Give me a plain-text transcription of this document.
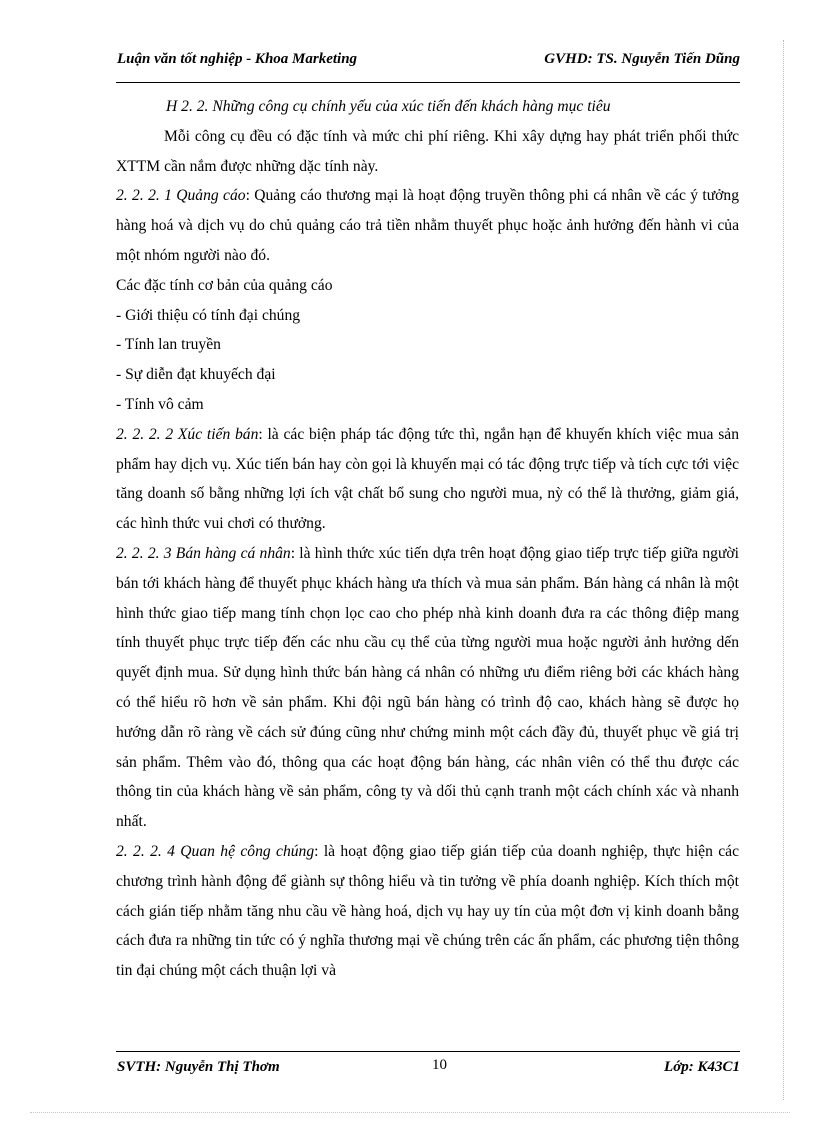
Luận văn tốt nghiệp - Khoa Marketing	GVHD: TS. Nguyễn Tiến Dũng

H 2. 2. Những công cụ chính yếu của xúc tiến đến khách hàng mục tiêu

Mỗi công cụ đều có đặc tính và mức chi phí riêng. Khi xây dựng hay phát triển phối thức XTTM cần nắm được những dặc tính này.

2. 2. 2. 1 Quảng cáo: Quảng cáo thương mại là hoạt động truyền thông phi cá nhân về các ý tưởng hàng hoá và dịch vụ do chủ quảng cáo trả tiền nhằm thuyết phục hoặc ảnh hưởng đến hành vi của một nhóm người nào đó.

Các đặc tính cơ bản của quảng cáo

- Giới thiệu có tính đại chúng

- Tính lan truyền

- Sự diễn đạt khuyếch đại

- Tính vô cảm

2. 2. 2. 2 Xúc tiến bán: là các biện pháp tác động tức thì, ngắn hạn để khuyến khích việc mua sản phẩm hay dịch vụ. Xúc tiến bán hay còn gọi là khuyến mại có tác động trực tiếp và tích cực tới việc tăng doanh số bằng những lợi ích vật chất bổ sung cho người mua, nỳ có thể là thưởng, giảm giá, các hình thức vui chơi có thưởng.

2. 2. 2. 3 Bán hàng cá nhân: là hình thức xúc tiến dựa trên hoạt động giao tiếp trực tiếp giữa người bán tới khách hàng để thuyết phục khách hàng ưa thích và mua sản phẩm. Bán hàng cá nhân là một hình thức giao tiếp mang tính chọn lọc cao cho phép nhà kinh doanh đưa ra các thông điệp mang tính thuyết phục trực tiếp đến các nhu cầu cụ thể của từng người mua hoặc người ảnh hưởng dến quyết định mua. Sử dụng hình thức bán hàng cá nhân có những ưu điểm riêng bởi các khách hàng có thể hiểu rõ hơn về sản phẩm. Khi đội ngũ bán hàng có trình độ cao, khách hàng sẽ được họ hướng dẫn rõ ràng về cách sử đúng cũng như chứng minh một cách đầy đủ, thuyết phục về giá trị sản phẩm. Thêm vào đó, thông qua các hoạt động bán hàng, các nhân viên có thể thu được các thông tin của khách hàng về sản phẩm, công ty và dối thủ cạnh tranh một cách chính xác và nhanh nhất.

2. 2. 2. 4 Quan hệ công chúng: là hoạt động giao tiếp gián tiếp của doanh nghiệp, thực hiện các chương trình hành động để giành sự thông hiểu và tin tưởng về phía doanh nghiệp. Kích thích một cách gián tiếp nhằm tăng nhu cầu về hàng hoá, dịch vụ hay uy tín của một đơn vị kinh doanh bằng cách đưa ra những tin tức có ý nghĩa thương mại về chúng trên các ấn phẩm, các phương tiện thông tin đại chúng một cách thuận lợi và

SVTH: Nguyễn Thị Thơm	10	Lớp: K43C1
